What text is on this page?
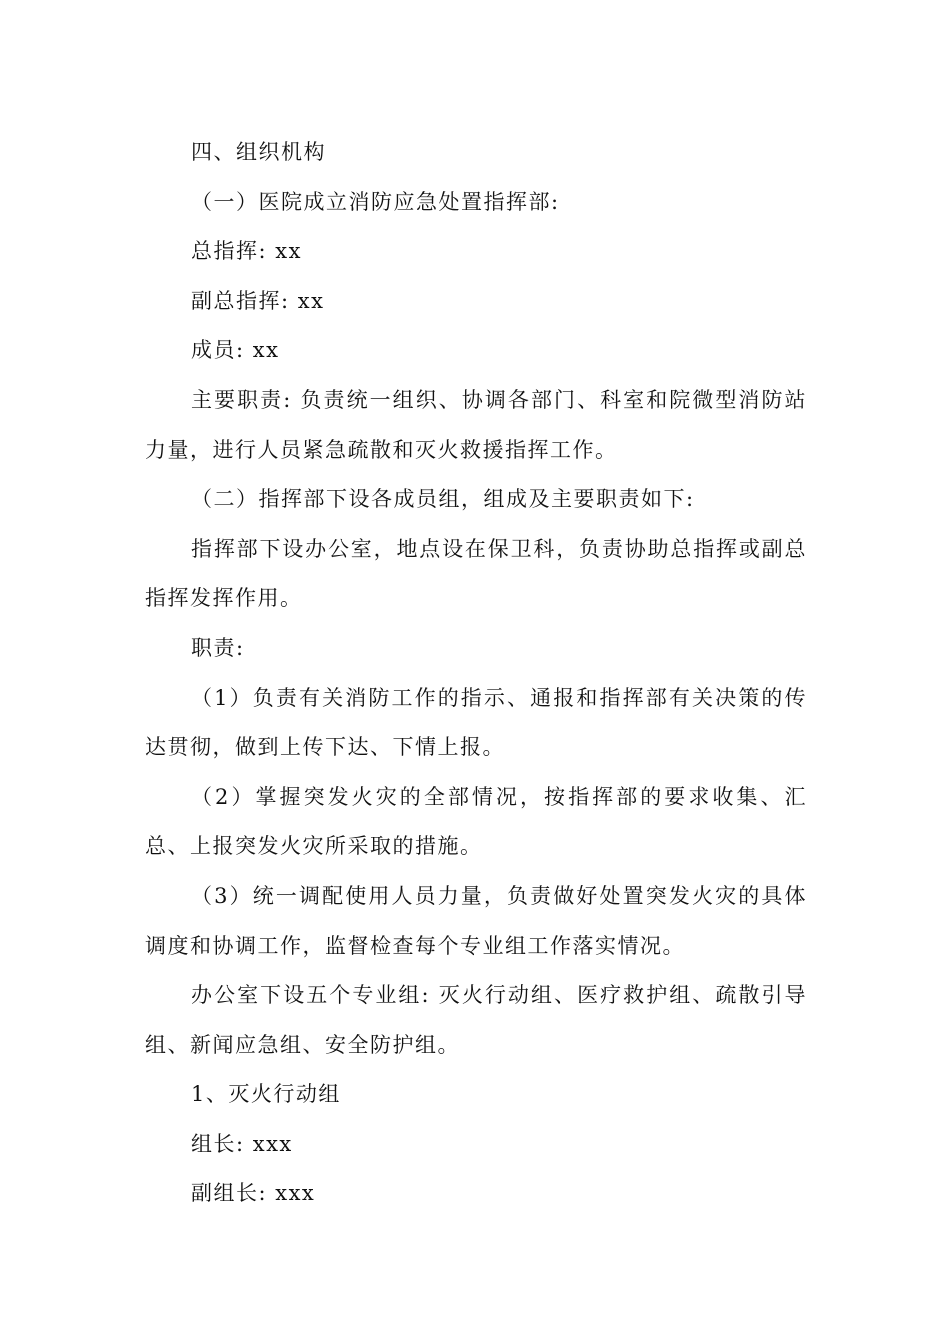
四、组织机构

（一）医院成立消防应急处置指挥部:

总指挥: xx

副总指挥: xx

成员: xx

主要职责: 负责统一组织、协调各部门、科室和院微型消防站力量，进行人员紧急疏散和灭火救援指挥工作。

（二）指挥部下设各成员组，组成及主要职责如下:

指挥部下设办公室，地点设在保卫科，负责协助总指挥或副总指挥发挥作用。

职责:

（1）负责有关消防工作的指示、通报和指挥部有关决策的传达贯彻，做到上传下达、下情上报。

（2）掌握突发火灾的全部情况，按指挥部的要求收集、汇总、上报突发火灾所采取的措施。

（3）统一调配使用人员力量，负责做好处置突发火灾的具体调度和协调工作，监督检查每个专业组工作落实情况。

办公室下设五个专业组: 灭火行动组、医疗救护组、疏散引导组、新闻应急组、安全防护组。

1、灭火行动组

组长: xxx

副组长: xxx
